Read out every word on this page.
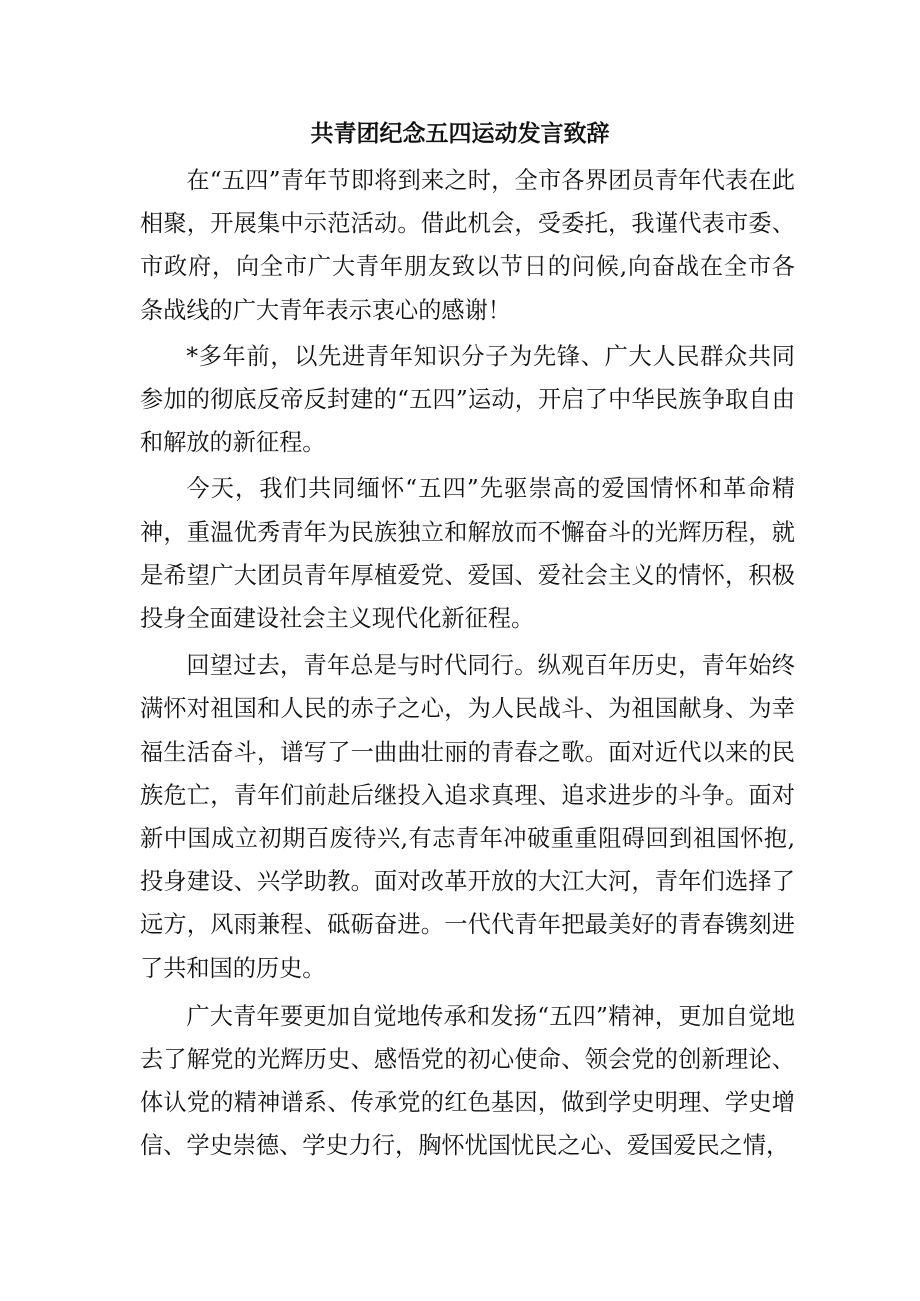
共青团纪念五四运动发言致辞

在“五四”青年节即将到来之时，全市各界团员青年代表在此相聚，开展集中示范活动。借此机会，受委托，我谨代表市委、市政府，向全市广大青年朋友致以节日的问候,向奋战在全市各条战线的广大青年表示衷心的感谢！

*多年前，以先进青年知识分子为先锋、广大人民群众共同参加的彻底反帝反封建的“五四”运动，开启了中华民族争取自由和解放的新征程。

今天，我们共同缅怀“五四”先驱崇高的爱国情怀和革命精神，重温优秀青年为民族独立和解放而不懈奋斗的光辉历程，就是希望广大团员青年厚植爱党、爱国、爱社会主义的情怀，积极投身全面建设社会主义现代化新征程。

回望过去，青年总是与时代同行。纵观百年历史，青年始终满怀对祖国和人民的赤子之心，为人民战斗、为祖国献身、为幸福生活奋斗，谱写了一曲曲壮丽的青春之歌。面对近代以来的民族危亡，青年们前赴后继投入追求真理、追求进步的斗争。面对新中国成立初期百废待兴,有志青年冲破重重阻碍回到祖国怀抱,投身建设、兴学助教。面对改革开放的大江大河，青年们选择了远方，风雨兼程、砥砺奋进。一代代青年把最美好的青春镌刻进了共和国的历史。

广大青年要更加自觉地传承和发扬“五四”精神，更加自觉地去了解党的光辉历史、感悟党的初心使命、领会党的创新理论、体认党的精神谱系、传承党的红色基因，做到学史明理、学史增信、学史崇德、学史力行，胸怀忧国忧民之心、爱国爱民之情，
